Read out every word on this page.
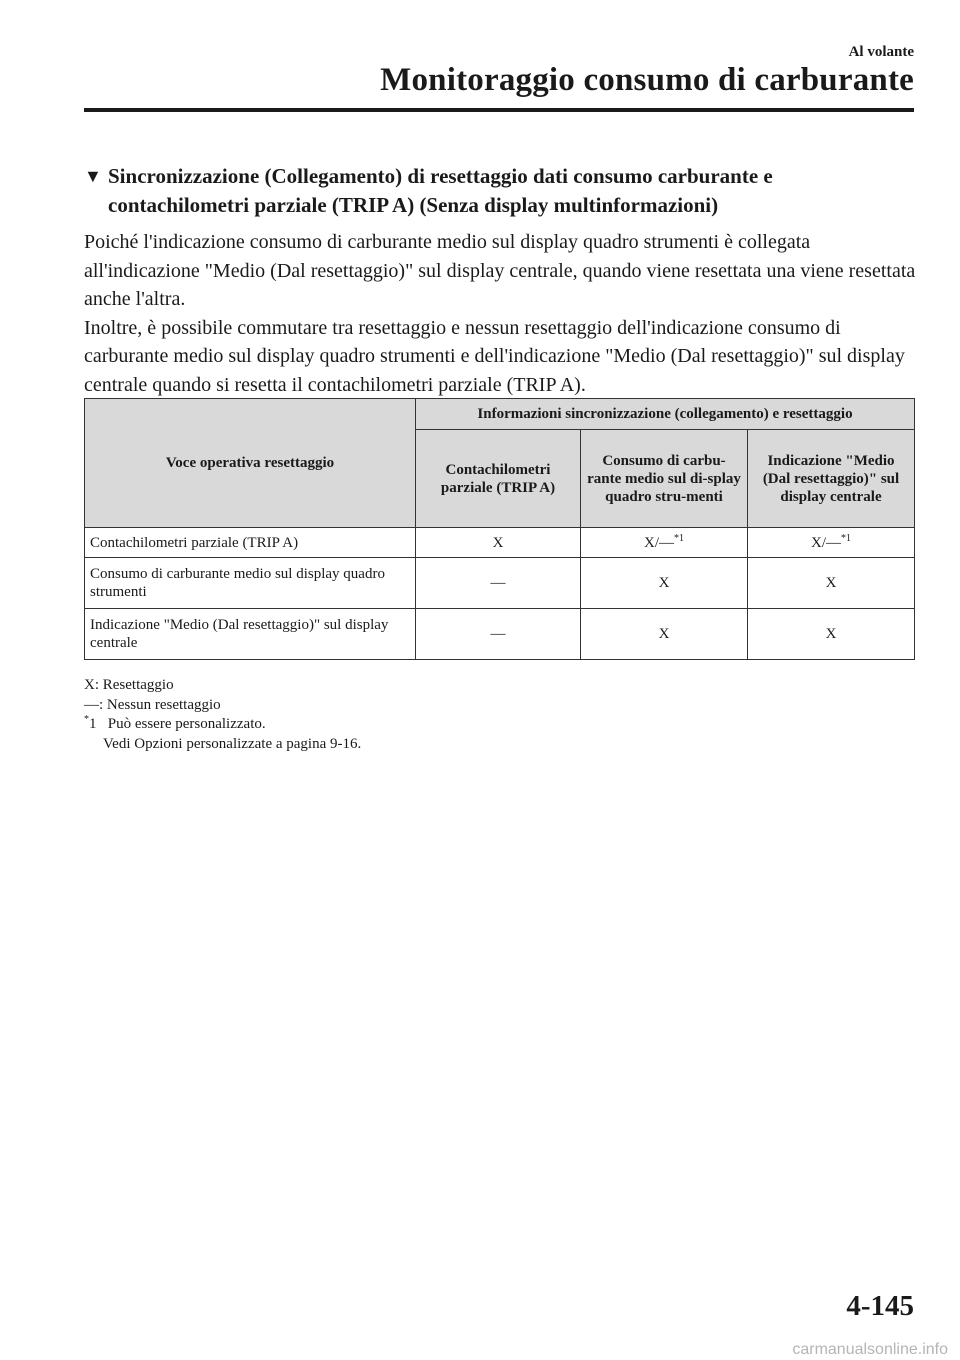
Al volante
Monitoraggio consumo di carburante
▼ Sincronizzazione (Collegamento) di resettaggio dati consumo carburante e contachilometri parziale (TRIP A) (Senza display multinformazioni)

Poiché l'indicazione consumo di carburante medio sul display quadro strumenti è collegata all'indicazione "Medio (Dal resettaggio)" sul display centrale, quando viene resettata una viene resettata anche l'altra.

Inoltre, è possibile commutare tra resettaggio e nessun resettaggio dell'indicazione consumo di carburante medio sul display quadro strumenti e dell'indicazione "Medio (Dal resettaggio)" sul display centrale quando si resetta il contachilometri parziale (TRIP A).

Voce operativa resettaggio	Informazioni sincronizzazione (collegamento) e resettaggio		
	Contachilometri parziale (TRIP A)	Consumo di carbu-rante medio sul di-splay quadro stru-menti	Indicazione "Medio (Dal resettaggio)" sul display centrale
Contachilometri parziale (TRIP A)	X	X/—$^{*1}$	X/—$^{*1}$
Consumo di carburante medio sul display quadro strumenti	—	X	X
Indicazione "Medio (Dal resettaggio)" sul display centrale	—	X	X
X: Resettaggio
—: Nessun resettaggio
*1 Può essere personalizzato.
Vedi Opzioni personalizzate a pagina 9-16.
4-145
carmanualsonline.info
